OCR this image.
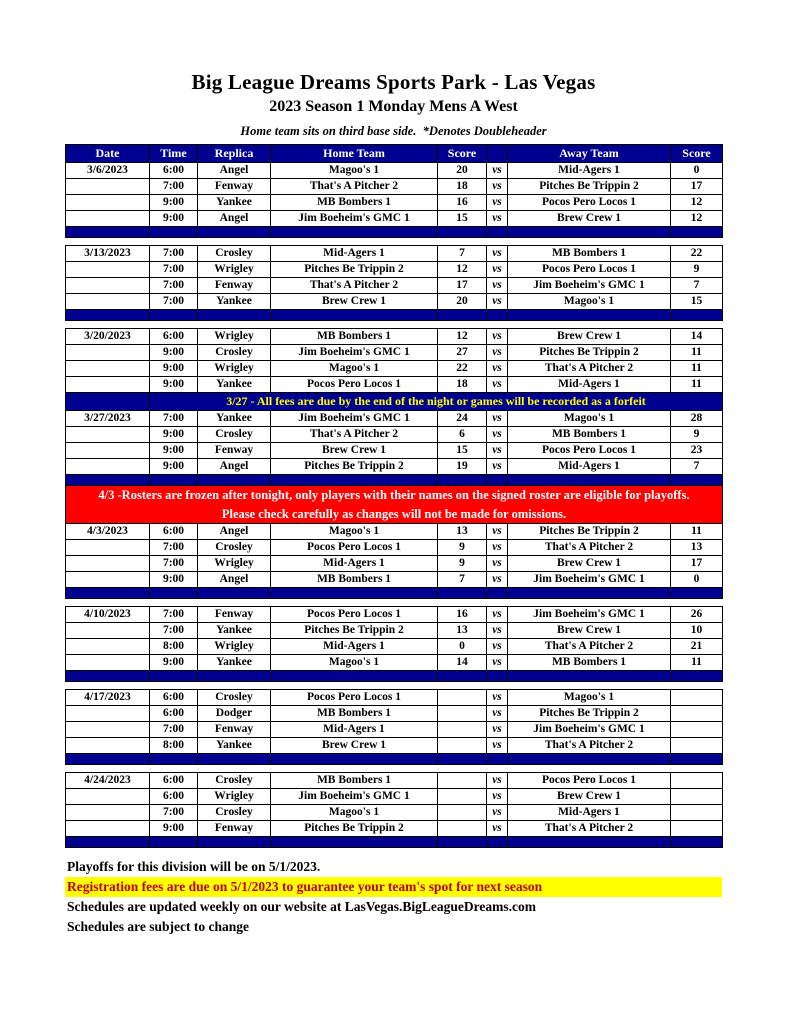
Big League Dreams Sports Park - Las Vegas
2023 Season 1 Monday Mens A West
Home team sits on third base side.  *Denotes Doubleheader
Date	Time	Replica	Home Team	Score		Away Team	Score
3/6/2023	6:00	Angel	Magoo's 1	20	vs	Mid-Agers 1	0
	7:00	Fenway	That's A Pitcher 2	18	vs	Pitches Be Trippin 2	17
	9:00	Yankee	MB Bombers 1	16	vs	Pocos Pero Locos 1	12
	9:00	Angel	Jim Boeheim's GMC 1	15	vs	Brew Crew 1	12

3/13/2023	7:00	Crosley	Mid-Agers 1	7	vs	MB Bombers 1	22
	7:00	Wrigley	Pitches Be Trippin 2	12	vs	Pocos Pero Locos 1	9
	7:00	Fenway	That's A Pitcher 2	17	vs	Jim Boeheim's GMC 1	7
	7:00	Yankee	Brew Crew 1	20	vs	Magoo's 1	15

3/20/2023	6:00	Wrigley	MB Bombers 1	12	vs	Brew Crew 1	14
	9:00	Crosley	Jim Boeheim's GMC 1	27	vs	Pitches Be Trippin 2	11
	9:00	Wrigley	Magoo's 1	22	vs	That's A Pitcher 2	11
	9:00	Yankee	Pocos Pero Locos 1	18	vs	Mid-Agers 1	11
	3/27 - All fees are due by the end of the night or games will be recorded as a forfeit						
3/27/2023	7:00	Yankee	Jim Boeheim's GMC 1	24	vs	Magoo's 1	28
	9:00	Crosley	That's A Pitcher 2	6	vs	MB Bombers 1	9
	9:00	Fenway	Brew Crew 1	15	vs	Pocos Pero Locos 1	23
	9:00	Angel	Pitches Be Trippin 2	19	vs	Mid-Agers 1	7

4/3 -Rosters are frozen after tonight, only players with their names on the signed roster are eligible for playoffs.
Please check carefully as changes will not be made for omissions.							

4/3/2023	6:00	Angel	Magoo's 1	13	vs	Pitches Be Trippin 2	11
	7:00	Crosley	Pocos Pero Locos 1	9	vs	That's A Pitcher 2	13
	7:00	Wrigley	Mid-Agers 1	9	vs	Brew Crew 1	17
	9:00	Angel	MB Bombers 1	7	vs	Jim Boeheim's GMC 1	0

4/10/2023	7:00	Fenway	Pocos Pero Locos 1	16	vs	Jim Boeheim's GMC 1	26
	7:00	Yankee	Pitches Be Trippin 2	13	vs	Brew Crew 1	10
	8:00	Wrigley	Mid-Agers 1	0	vs	That's A Pitcher 2	21
	9:00	Yankee	Magoo's 1	14	vs	MB Bombers 1	11

4/17/2023	6:00	Crosley	Pocos Pero Locos 1		vs	Magoo's 1	
	6:00	Dodger	MB Bombers 1		vs	Pitches Be Trippin 2	
	7:00	Fenway	Mid-Agers 1		vs	Jim Boeheim's GMC 1	
	8:00	Yankee	Brew Crew 1		vs	That's A Pitcher 2	

4/24/2023	6:00	Crosley	MB Bombers 1		vs	Pocos Pero Locos 1	
	6:00	Wrigley	Jim Boeheim's GMC 1		vs	Brew Crew 1	
	7:00	Crosley	Magoo's 1		vs	Mid-Agers 1	
	9:00	Fenway	Pitches Be Trippin 2		vs	That's A Pitcher 2	

Playoffs for this division will be on 5/1/2023.
Registration fees are due on 5/1/2023 to guarantee your team's spot for next season
Schedules are updated weekly on our website at LasVegas.BigLeagueDreams.com
Schedules are subject to change
